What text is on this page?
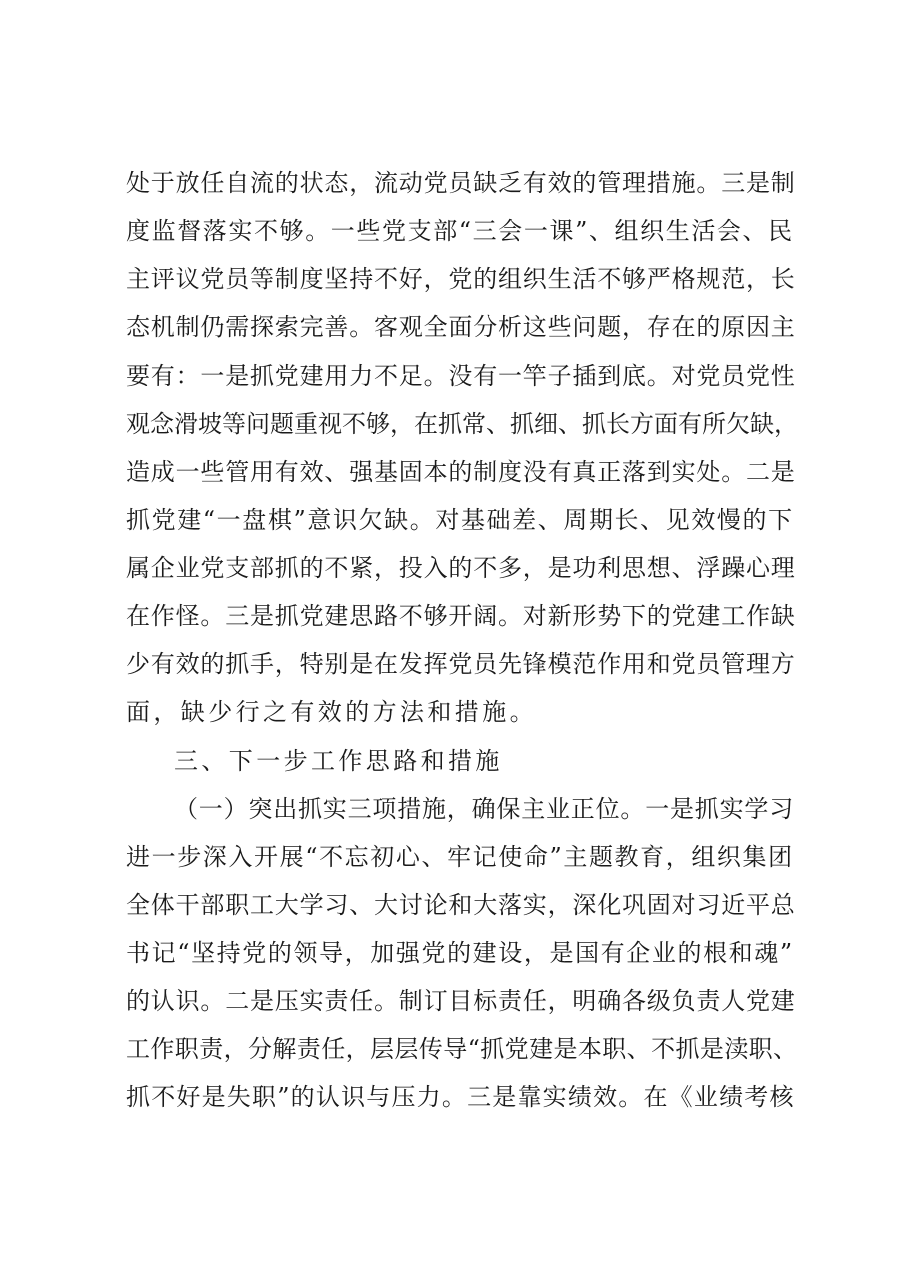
处于放任自流的状态，流动党员缺乏有效的管理措施。三是制
度监督落实不够。一些党支部“三会一课”、组织生活会、民
主评议党员等制度坚持不好，党的组织生活不够严格规范，长
态机制仍需探索完善。客观全面分析这些问题，存在的原因主
要有：一是抓党建用力不足。没有一竿子插到底。对党员党性
观念滑坡等问题重视不够，在抓常、抓细、抓长方面有所欠缺，
造成一些管用有效、强基固本的制度没有真正落到实处。二是
抓党建“一盘棋”意识欠缺。对基础差、周期长、见效慢的下
属企业党支部抓的不紧，投入的不多，是功利思想、浮躁心理
在作怪。三是抓党建思路不够开阔。对新形势下的党建工作缺
少有效的抓手，特别是在发挥党员先锋模范作用和党员管理方
面，缺少行之有效的方法和措施。
三、下一步工作思路和措施
（一）突出抓实三项措施，确保主业正位。一是抓实学习
进一步深入开展“不忘初心、牢记使命”主题教育，组织集团
全体干部职工大学习、大讨论和大落实，深化巩固对习近平总
书记“坚持党的领导，加强党的建设，是国有企业的根和魂”
的认识。二是压实责任。制订目标责任，明确各级负责人党建
工作职责，分解责任，层层传导“抓党建是本职、不抓是渎职、
抓不好是失职”的认识与压力。三是靠实绩效。在《业绩考核
